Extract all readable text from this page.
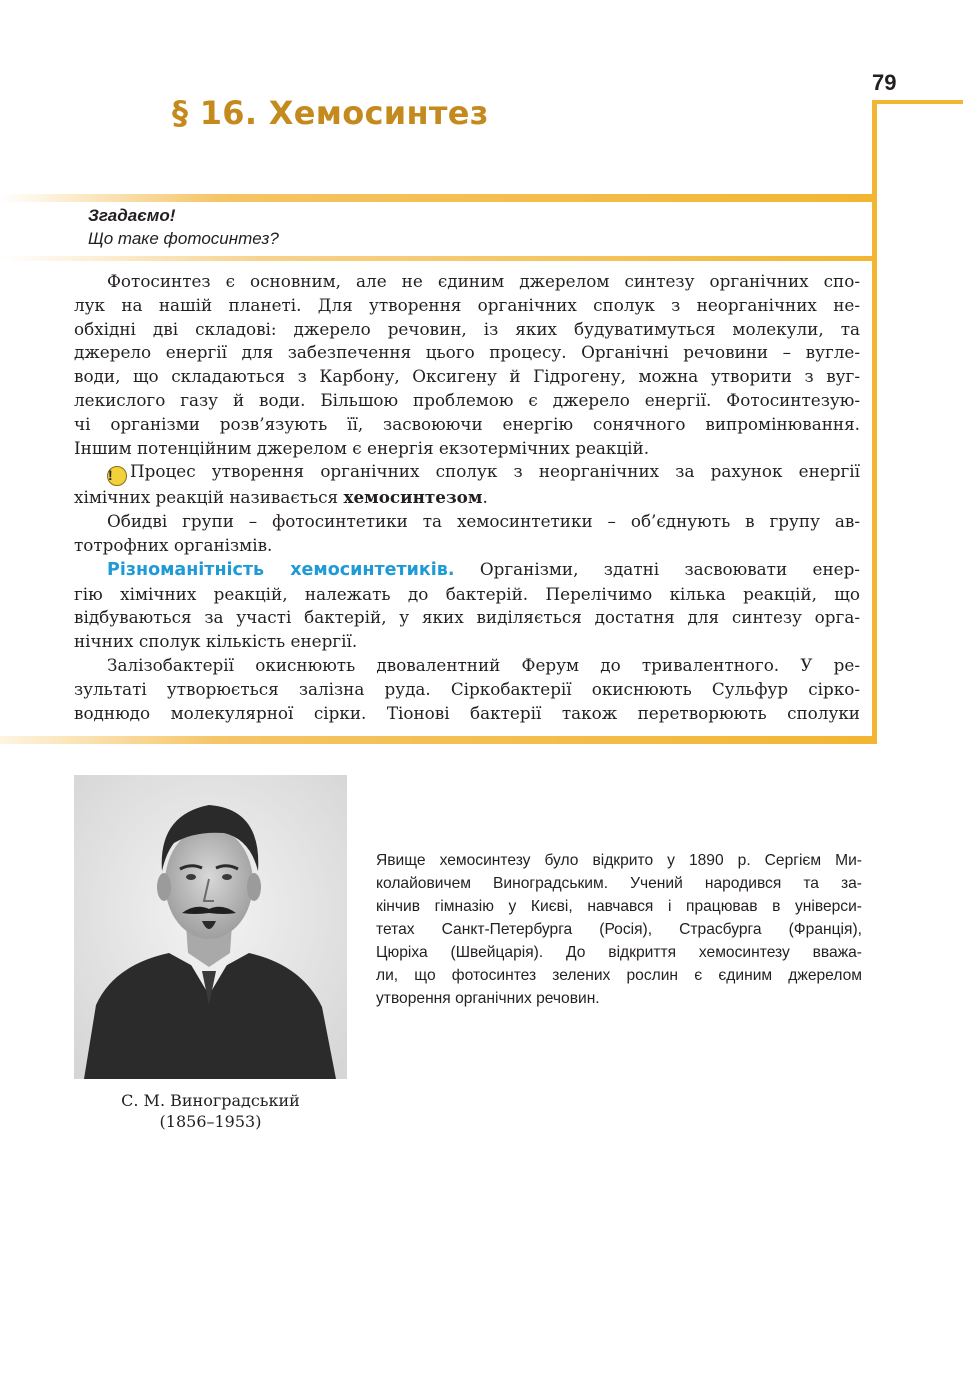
79
§ 16. Хемосинтез
Згадаємо!
Що таке фотосинтез?
Фотосинтез є основним, але не єдиним джерелом синтезу органічних спо-
лук на нашій планеті. Для утворення органічних сполук з неорганічних не-
обхідні дві складові: джерело речовин, із яких будуватимуться молекули, та
джерело енергії для забезпечення цього процесу. Органічні речовини – вугле-
води, що складаються з Карбону, Оксигену й Гідрогену, можна утворити з вуг-
лекислого газу й води. Більшою проблемою є джерело енергії. Фотосинтезую-
чі організми розв’язують її, засвоюючи енергію сонячного випромінювання.
Іншим потенційним джерелом є енергія екзотермічних реакцій.
! Процес утворення органічних сполук з неорганічних за рахунок енергії
хімічних реакцій називається хемосинтезом.
Обидві групи – фотосинтетики та хемосинтетики – об’єднують в групу ав-
тотрофних організмів.
Різноманітність хемосинтетиків. Організми, здатні засвоювати енер-
гію хімічних реакцій, належать до бактерій. Перелічимо кілька реакцій, що
відбуваються за участі бактерій, у яких виділяється достатня для синтезу орга-
нічних сполук кількість енергії.
Залізобактерії окиснюють двовалентний Ферум до тривалентного. У ре-
зультаті утворюється залізна руда. Сіркобактерії окиснюють Сульфур сірко-
воднюдо молекулярної сірки. Тіонові бактерії також перетворюють сполуки
С. М. Виноградський
(1856–1953)
Явище хемосинтезу було відкрито у 1890 р. Сергієм Ми-
колайовичем Виноградським. Учений народився та за-
кінчив гімназію у Києві, навчався і працював в універси-
тетах Санкт-Петербурга (Росія), Страсбурга (Франція),
Цюріха (Швейцарія). До відкриття хемосинтезу вважа-
ли, що фотосинтез зелених рослин є єдиним джерелом
утворення органічних речовин.
